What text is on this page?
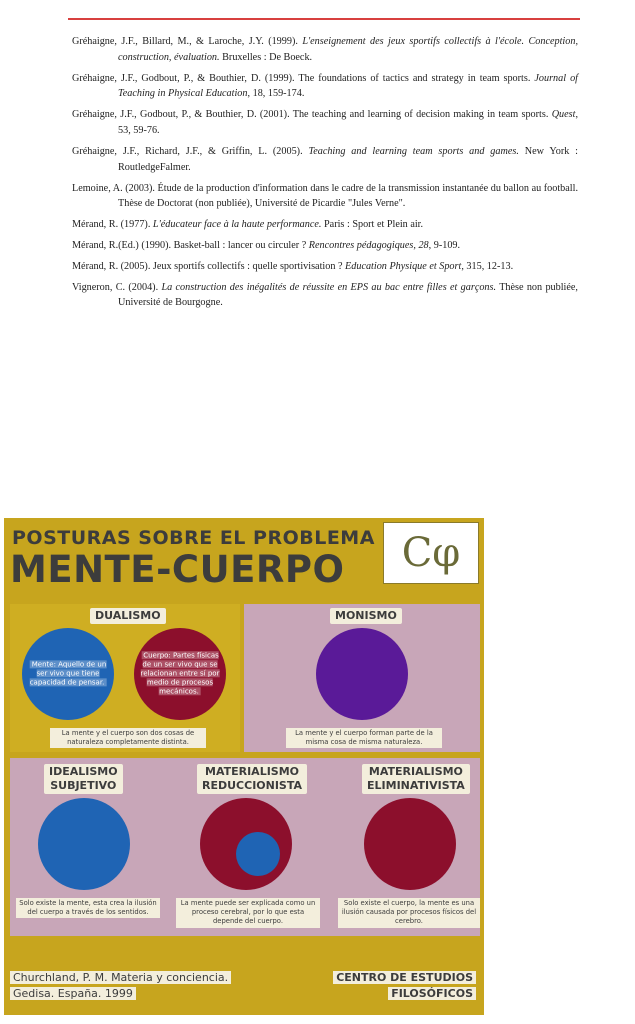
Gréhaigne, J.F., Billard, M., & Laroche, J.Y. (1999). L'enseignement des jeux sportifs collectifs à l'école. Conception, construction, évaluation. Bruxelles : De Boeck.

Gréhaigne, J.F., Godbout, P., & Bouthier, D. (1999). The foundations of tactics and strategy in team sports. Journal of Teaching in Physical Education, 18, 159-174.

Gréhaigne, J.F., Godbout, P., & Bouthier, D. (2001). The teaching and learning of decision making in team sports. Quest, 53, 59-76.

Gréhaigne, J.F., Richard, J.F., & Griffin, L. (2005). Teaching and learning team sports and games. New York : RoutledgeFalmer.

Lemoine, A. (2003). Étude de la production d'information dans le cadre de la transmission instantanée du ballon au football. Thèse de Doctorat (non publiée), Université de Picardie "Jules Verne".

Mérand, R. (1977). L'éducateur face à la haute performance. Paris : Sport et Plein air.

Mérand, R.(Ed.) (1990). Basket-ball : lancer ou circuler ? Rencontres pédagogiques, 28, 9-109.

Mérand, R. (2005). Jeux sportifs collectifs : quelle sportivisation ? Education Physique et Sport, 315, 12-13.

Vigneron, C. (2004). La construction des inégalités de réussite en EPS au bac entre filles et garçons. Thèse non publiée, Université de Bourgogne.

POSTURAS SOBRE EL PROBLEMA
MENTE-CUERPO	Cφ
DUALISMO
Mente: Aquello de un ser vivo que tiene capacidad de pensar.
Cuerpo: Partes físicas de un ser vivo que se relacionan entre sí por medio de procesos mecánicos.
La mente y el cuerpo son dos cosas de naturaleza completamente distinta.
MONISMO
La mente y el cuerpo forman parte de la misma cosa de misma naturaleza.
IDEALISMO
SUBJETIVO
Solo existe la mente, esta crea la ilusión del cuerpo a través de los sentidos.
MATERIALISMO
REDUCCIONISTA
La mente puede ser explicada como un proceso cerebral, por lo que esta depende del cuerpo.
MATERIALISMO
ELIMINATIVISTA
Solo existe el cuerpo, la mente es una ilusión causada por procesos físicos del cerebro.
Churchland, P. M. Materia y conciencia.
Gedisa. España. 1999
CENTRO DE ESTUDIOS
FILOSÓFICOS
